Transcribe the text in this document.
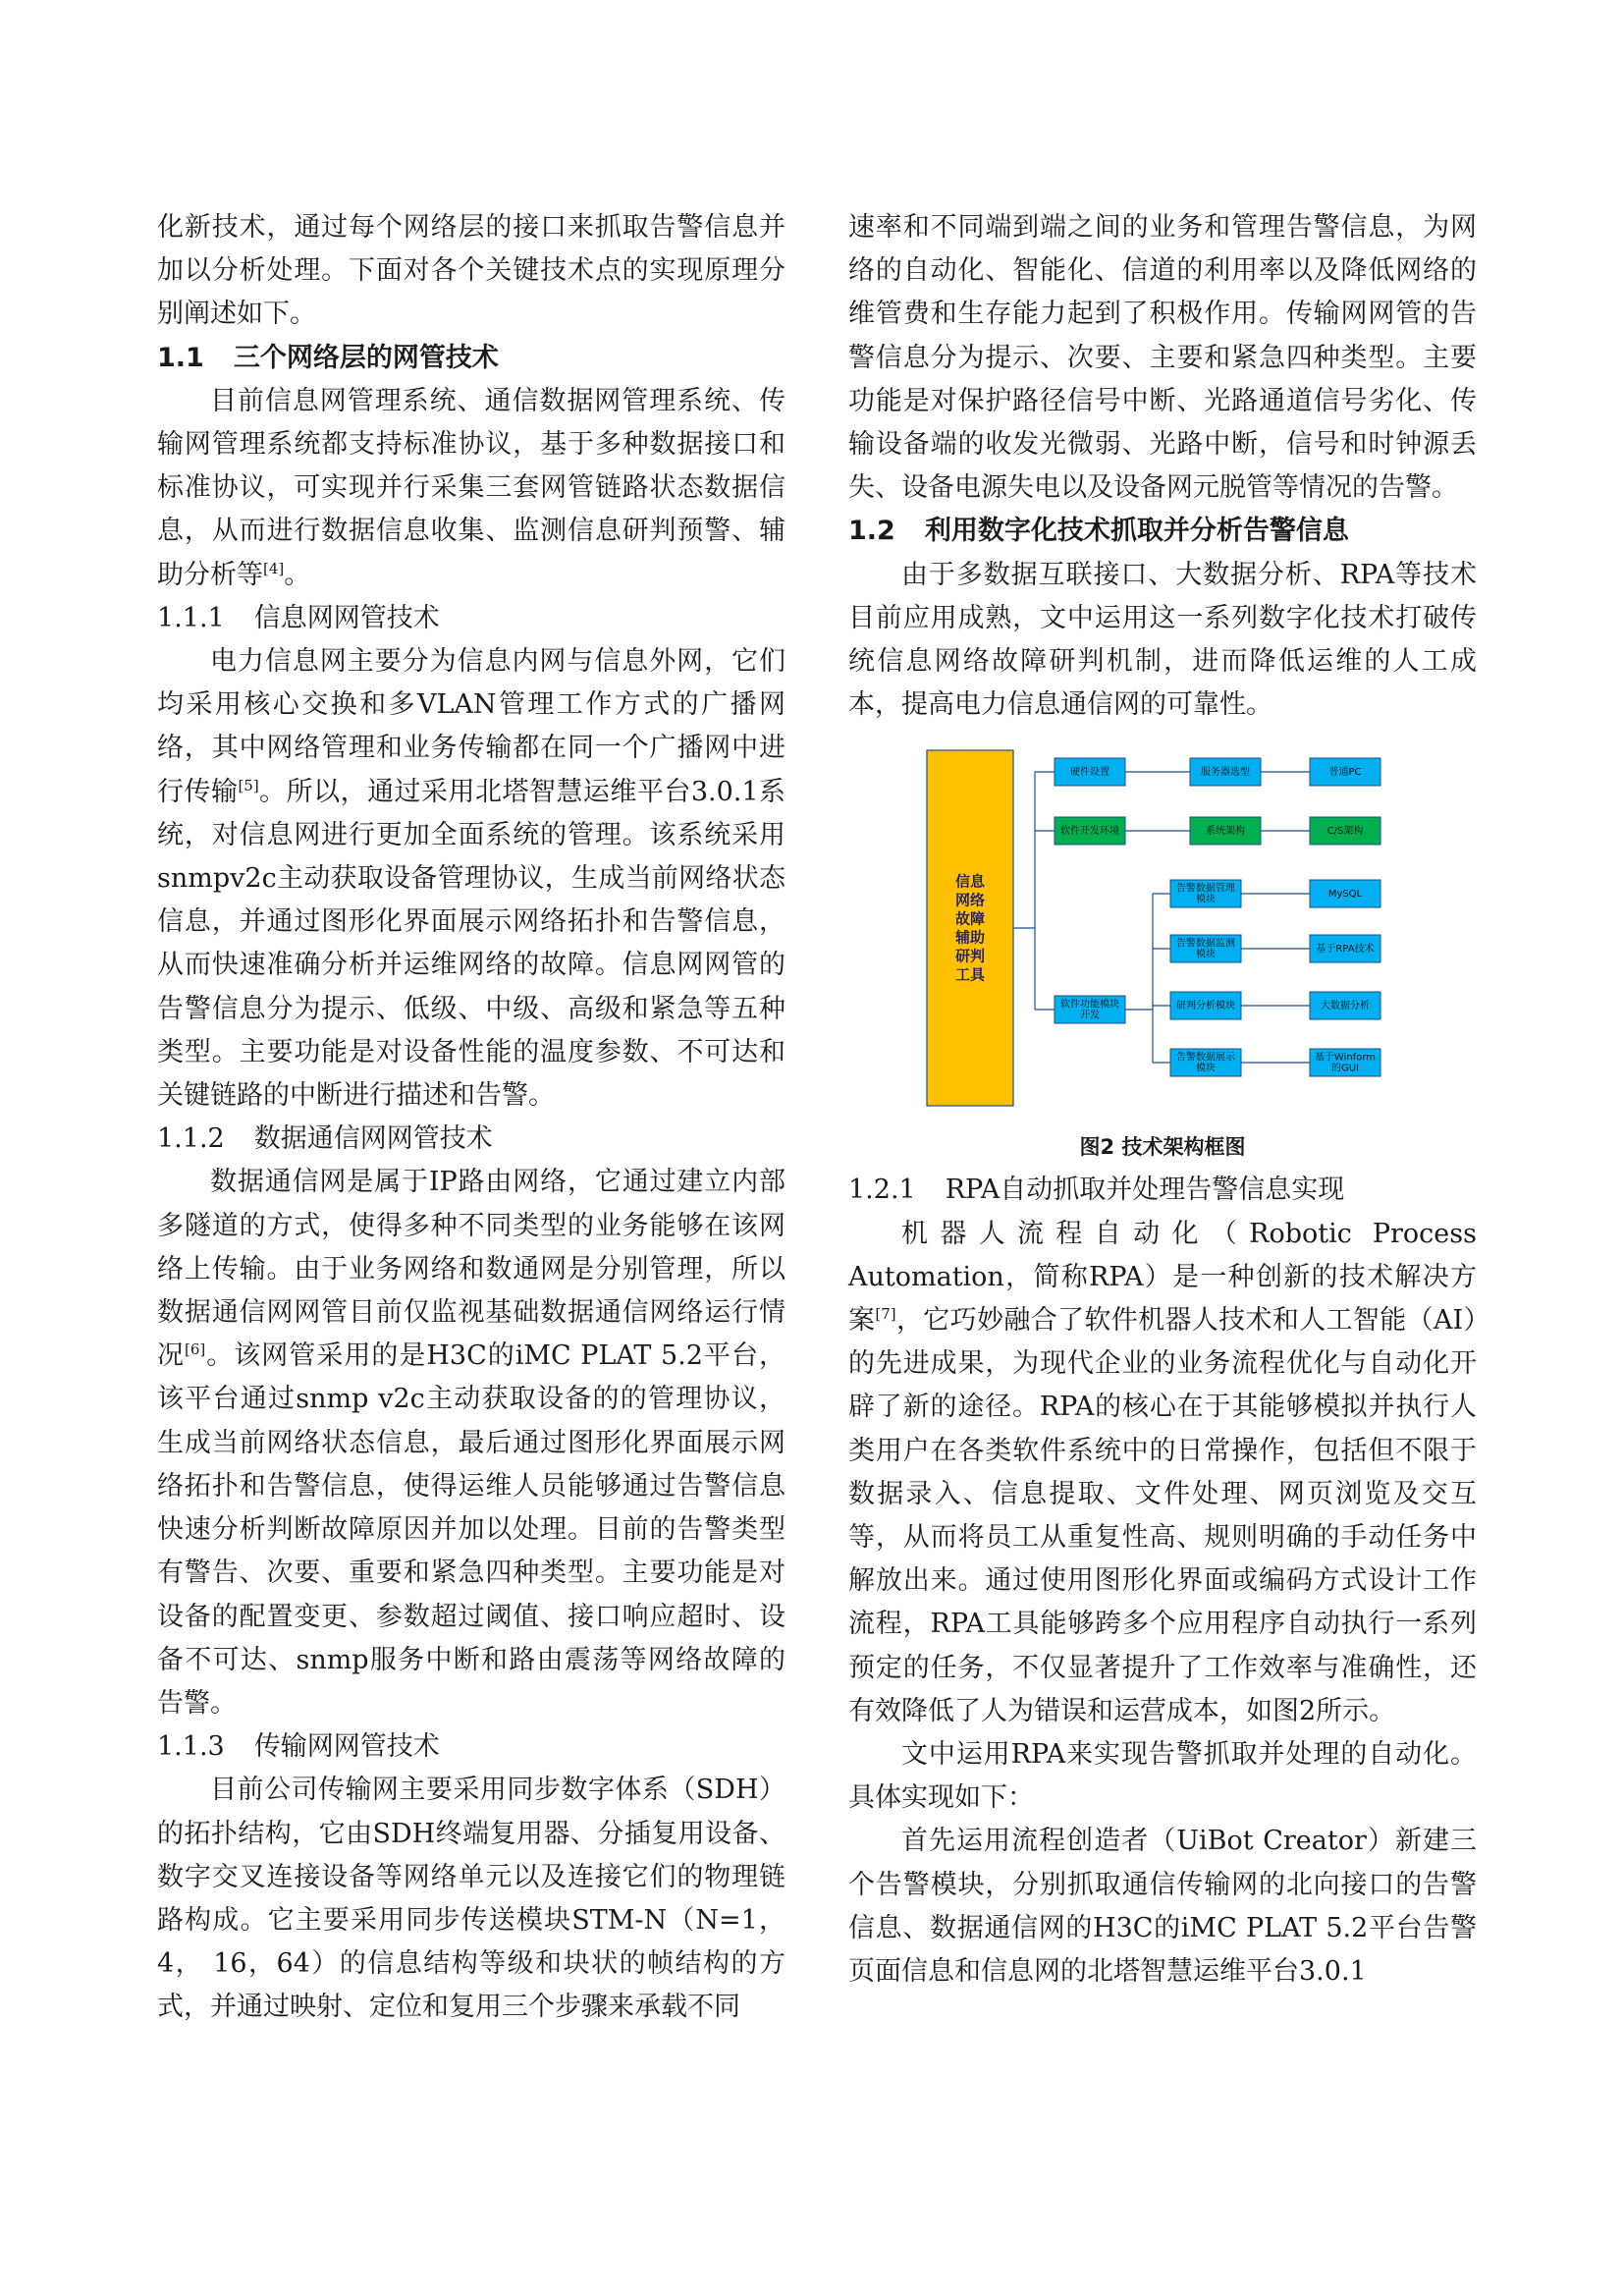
化新技术，通过每个网络层的接口来抓取告警信息并加以分析处理。下面对各个关键技术点的实现原理分别阐述如下。

1.1 三个网络层的网管技术

目前信息网管理系统、通信数据网管理系统、传输网管理系统都支持标准协议，基于多种数据接口和标准协议，可实现并行采集三套网管链路状态数据信息，从而进行数据信息收集、监测信息研判预警、辅助分析等[4]。

1.1.1 信息网网管技术

电力信息网主要分为信息内网与信息外网，它们均采用核心交换和多VLAN管理工作方式的广播网络，其中网络管理和业务传输都在同一个广播网中进行传输[5]。所以，通过采用北塔智慧运维平台3.0.1系统，对信息网进行更加全面系统的管理。该系统采用snmpv2c主动获取设备管理协议，生成当前网络状态信息，并通过图形化界面展示网络拓扑和告警信息，从而快速准确分析并运维网络的故障。信息网网管的告警信息分为提示、低级、中级、高级和紧急等五种类型。主要功能是对设备性能的温度参数、不可达和关键链路的中断进行描述和告警。

1.1.2 数据通信网网管技术

数据通信网是属于IP路由网络，它通过建立内部多隧道的方式，使得多种不同类型的业务能够在该网络上传输。由于业务网络和数通网是分别管理，所以数据通信网网管目前仅监视基础数据通信网络运行情况[6]。该网管采用的是H3C的iMC PLAT 5.2平台，该平台通过snmp v2c主动获取设备的的管理协议，生成当前网络状态信息，最后通过图形化界面展示网络拓扑和告警信息，使得运维人员能够通过告警信息快速分析判断故障原因并加以处理。目前的告警类型有警告、次要、重要和紧急四种类型。主要功能是对设备的配置变更、参数超过阈值、接口响应超时、设备不可达、snmp服务中断和路由震荡等网络故障的告警。

1.1.3 传输网网管技术

目前公司传输网主要采用同步数字体系（SDH）的拓扑结构，它由SDH终端复用器、分插复用设备、数字交叉连接设备等网络单元以及连接它们的物理链路构成。它主要采用同步传送模块STM-N（N=1，4， 16，64）的信息结构等级和块状的帧结构的方式，并通过映射、定位和复用三个步骤来承载不同

速率和不同端到端之间的业务和管理告警信息，为网络的自动化、智能化、信道的利用率以及降低网络的维管费和生存能力起到了积极作用。传输网网管的告警信息分为提示、次要、主要和紧急四种类型。主要功能是对保护路径信号中断、光路通道信号劣化、传输设备端的收发光微弱、光路中断，信号和时钟源丢失、设备电源失电以及设备网元脱管等情况的告警。

1.2 利用数字化技术抓取并分析告警信息

由于多数据互联接口、大数据分析、RPA等技术目前应用成熟，文中运用这一系列数字化技术打破传统信息网络故障研判机制，进而降低运维的人工成本，提高电力信息通信网的可靠性。

信息
网络
故障
辅助
研判
工具
硬件设置
软件开发环境
软件功能模块
开发
服务器选型	普通PC
系统架构	C/S架构
告警数据管理
模块	MySQL
告警数据监测
模块	基于RPA技术
研判分析模块	大数据分析
告警数据展示
模块
基于Winform
的GUI

图2 技术架构框图

1.2.1 RPA自动抓取并处理告警信息实现

机器人流程自动化（Robotic Process Automation，简称RPA）是一种创新的技术解决方案[7]，它巧妙融合了软件机器人技术和人工智能（AI）的先进成果，为现代企业的业务流程优化与自动化开辟了新的途径。RPA的核心在于其能够模拟并执行人类用户在各类软件系统中的日常操作，包括但不限于数据录入、信息提取、文件处理、网页浏览及交互等，从而将员工从重复性高、规则明确的手动任务中解放出来。通过使用图形化界面或编码方式设计工作流程，RPA工具能够跨多个应用程序自动执行一系列预定的任务，不仅显著提升了工作效率与准确性，还有效降低了人为错误和运营成本，如图2所示。

文中运用RPA来实现告警抓取并处理的自动化。具体实现如下：

首先运用流程创造者（UiBot Creator）新建三个告警模块，分别抓取通信传输网的北向接口的告警信息、数据通信网的H3C的iMC PLAT 5.2平台告警页面信息和信息网的北塔智慧运维平台3.0.1
